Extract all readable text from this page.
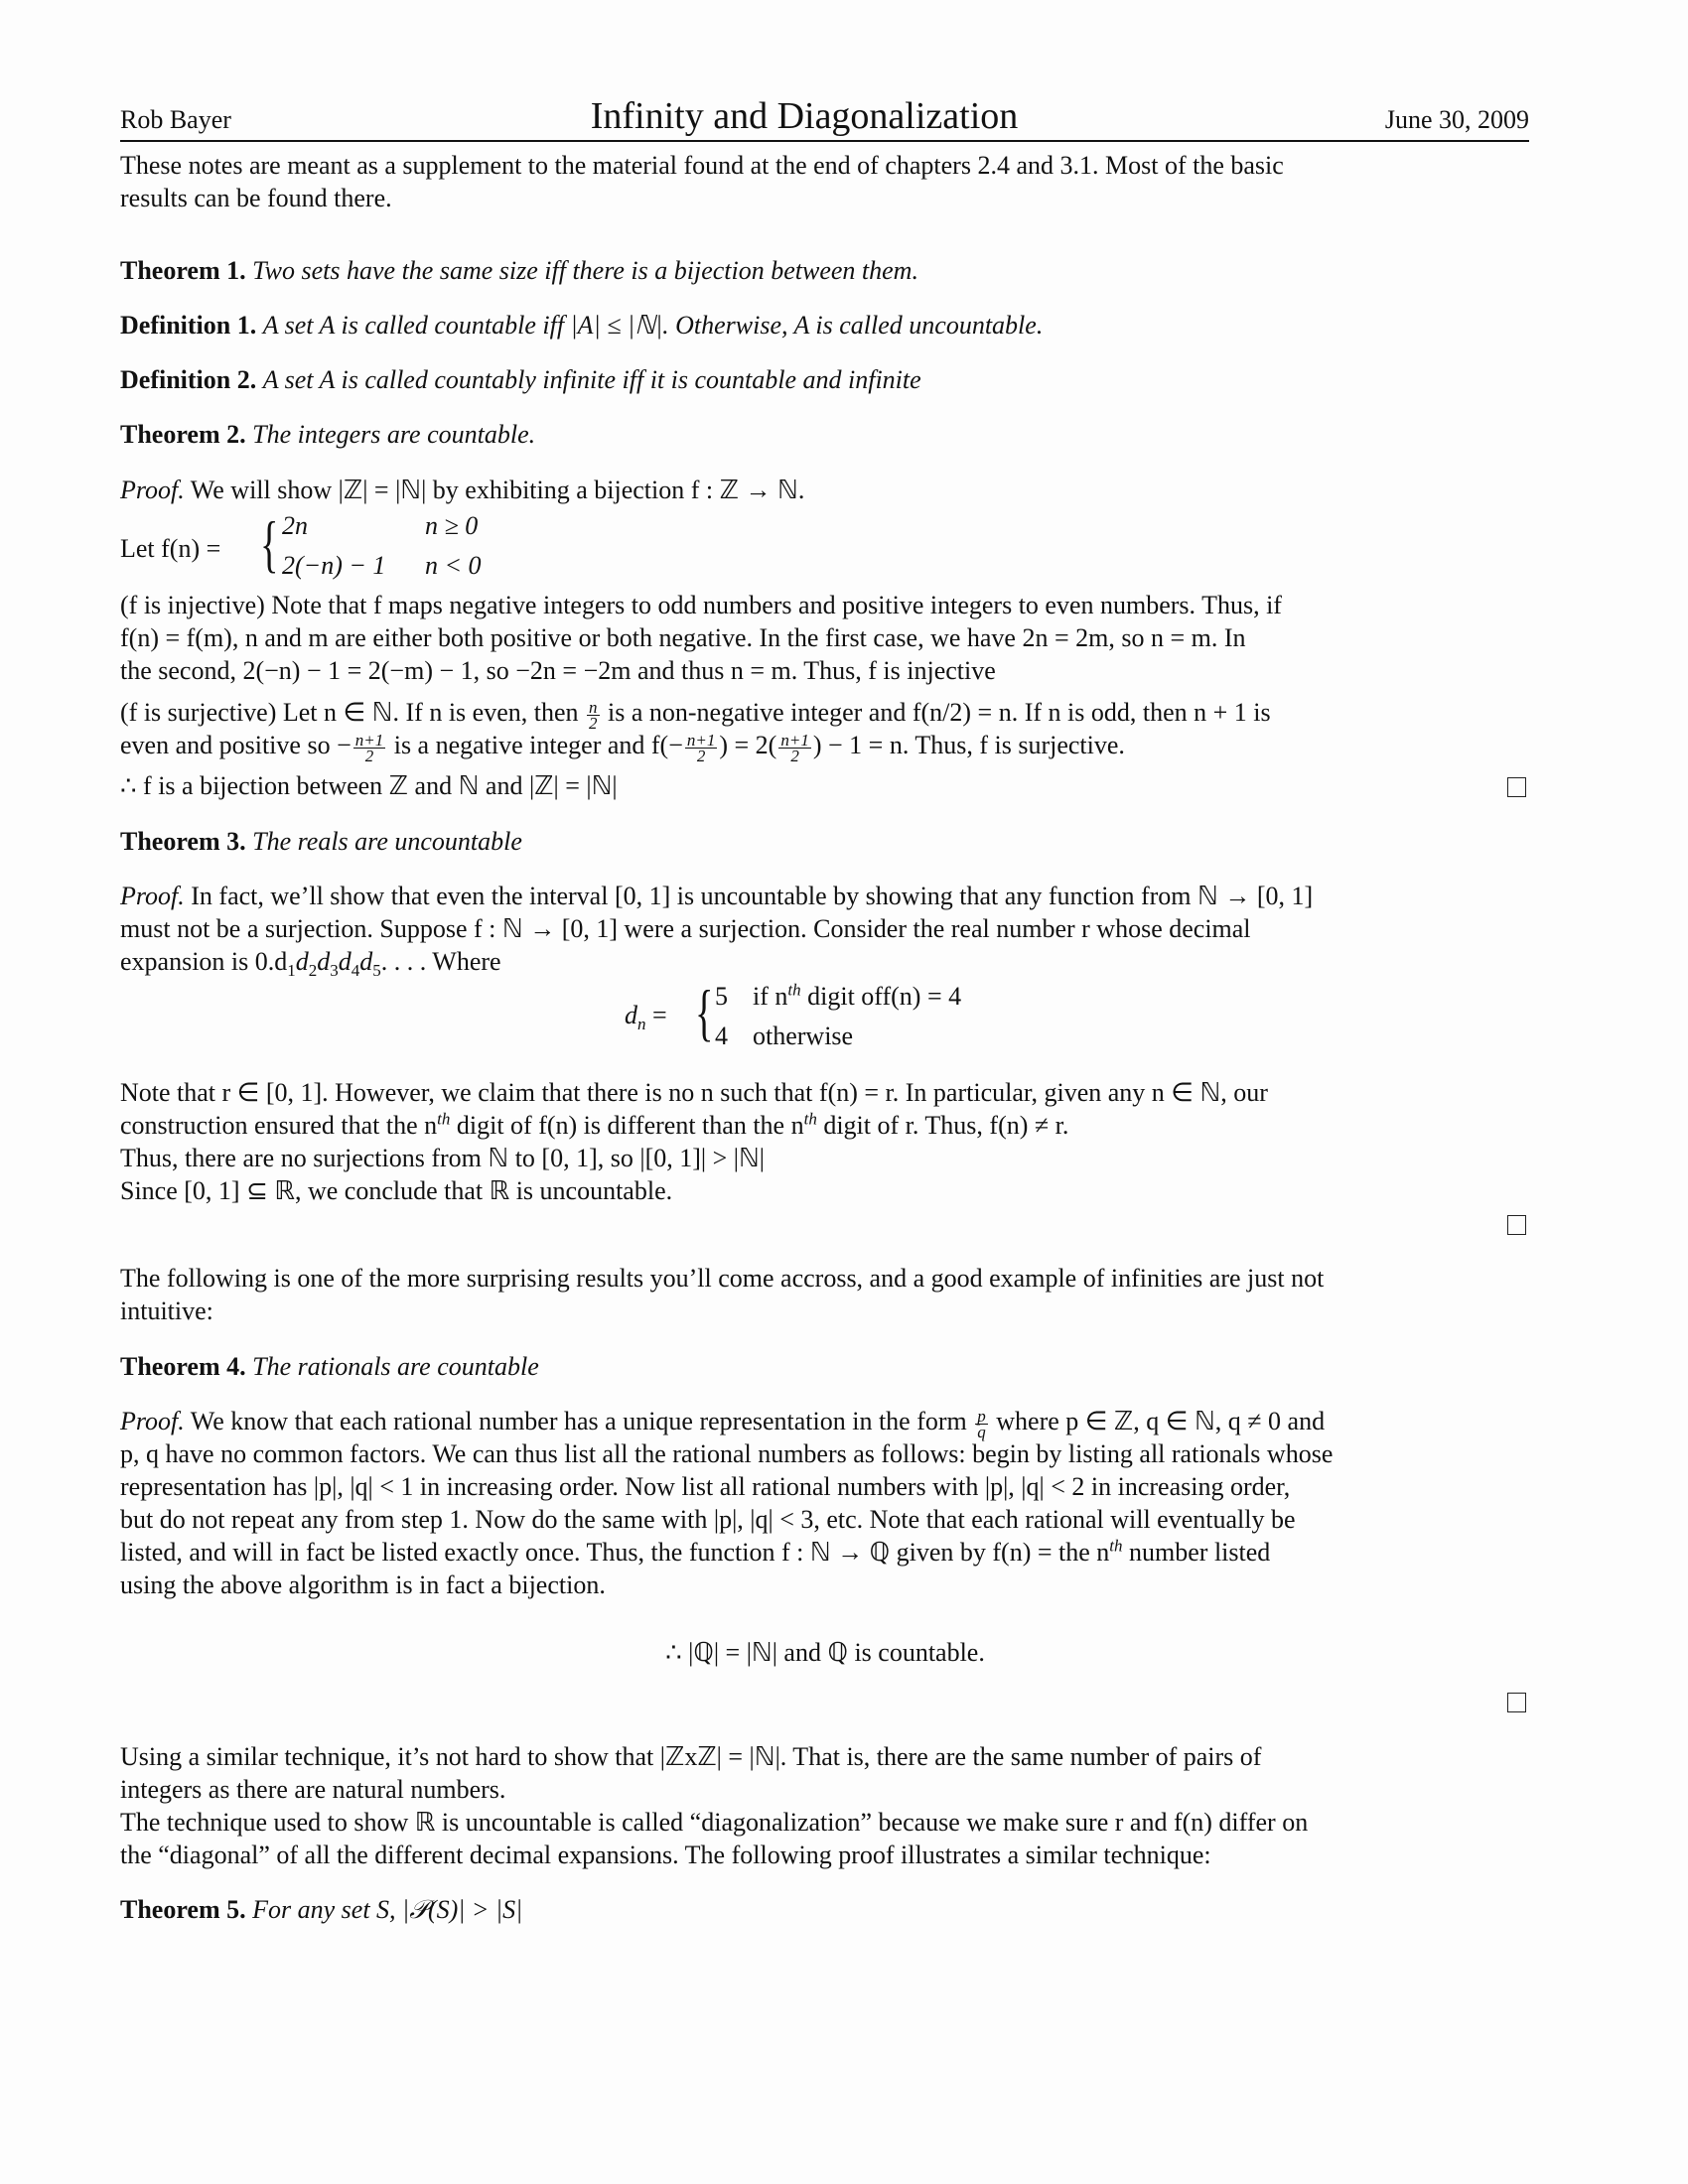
Rob Bayer	Infinity and Diagonalization	June 30, 2009
These notes are meant as a supplement to the material found at the end of chapters 2.4 and 3.1. Most of the basic
results can be found there.
Theorem 1. Two sets have the same size iff there is a bijection between them.
Definition 1. A set A is called countable iff |A| ≤ |ℕ|. Otherwise, A is called uncountable.
Definition 2. A set A is called countably infinite iff it is countable and infinite
Theorem 2. The integers are countable.
Proof. We will show |ℤ| = |ℕ| by exhibiting a bijection f : ℤ → ℕ.
Let f(n) = { 2n	n ≥ 0
2(−n) − 1 n < 0
(f is injective) Note that f maps negative integers to odd numbers and positive integers to even numbers. Thus, if
f(n) = f(m), n and m are either both positive or both negative. In the first case, we have 2n = 2m, so n = m. In
the second, 2(−n) − 1 = 2(−m) − 1, so −2n = −2m and thus n = m. Thus, f is injective
(f is surjective) Let n ∈ ℕ. If n is even, then $\frac{n}{2}$ is a non-negative integer and f(n/2) = n. If n is odd, then n + 1 is
even and positive so − $\frac{n+1}{2}$ is a negative integer and $f(- \frac{n+1}{2}$ ) = $2( \frac{n+1}{2}$ ) − 1 = n. Thus, f is surjective.
∴ f is a bijection between ℤ and ℕ and |ℤ| = |ℕ|
Theorem 3. The reals are uncountable
Proof. In fact, we’ll show that even the interval [0, 1] is uncountable by showing that any function from ℕ → [0, 1]
must not be a surjection. Suppose f : ℕ → [0, 1] were a surjection. Consider the real number r whose decimal
expansion is $0.d_1d_2d_3d_4d_5$. . . . Where
$d_n$ = { 5 if $n^{th}$ digit off(n) = 4
4 otherwise
Note that r ∈ [0, 1]. However, we claim that there is no n such that f(n) = r. In particular, given any n ∈ ℕ, our
construction ensured that the $n^{th}$ digit of f(n) is different than the $n^{th}$ digit of r. Thus, f(n) ≠ r.
Thus, there are no surjections from ℕ to [0, 1], so |[0, 1]| > |ℕ|
Since [0, 1] ⊆ ℝ, we conclude that ℝ is uncountable.
The following is one of the more surprising results you’ll come accross, and a good example of infinities are just not
intuitive:
Theorem 4. The rationals are countable
Proof. We know that each rational number has a unique representation in the form $\frac{p}{q}$ where p ∈ ℤ, q ∈ ℕ, q ≠ 0 and
p, q have no common factors. We can thus list all the rational numbers as follows: begin by listing all rationals whose
representation has |p|, |q| < 1 in increasing order. Now list all rational numbers with |p|, |q| < 2 in increasing order,
but do not repeat any from step 1. Now do the same with |p|, |q| < 3, etc. Note that each rational will eventually be
listed, and will in fact be listed exactly once. Thus, the function f : ℕ → ℚ given by f(n) = the $n^{th}$ number listed
using the above algorithm is in fact a bijection.
∴ |ℚ| = |ℕ| and ℚ is countable.
Using a similar technique, it’s not hard to show that |ℤxℤ| = |ℕ|. That is, there are the same number of pairs of
integers as there are natural numbers.
The technique used to show ℝ is uncountable is called “diagonalization” because we make sure r and f(n) differ on
the “diagonal” of all the different decimal expansions. The following proof illustrates a similar technique:
Theorem 5. For any set S, |𝒫(S)| > |S|
